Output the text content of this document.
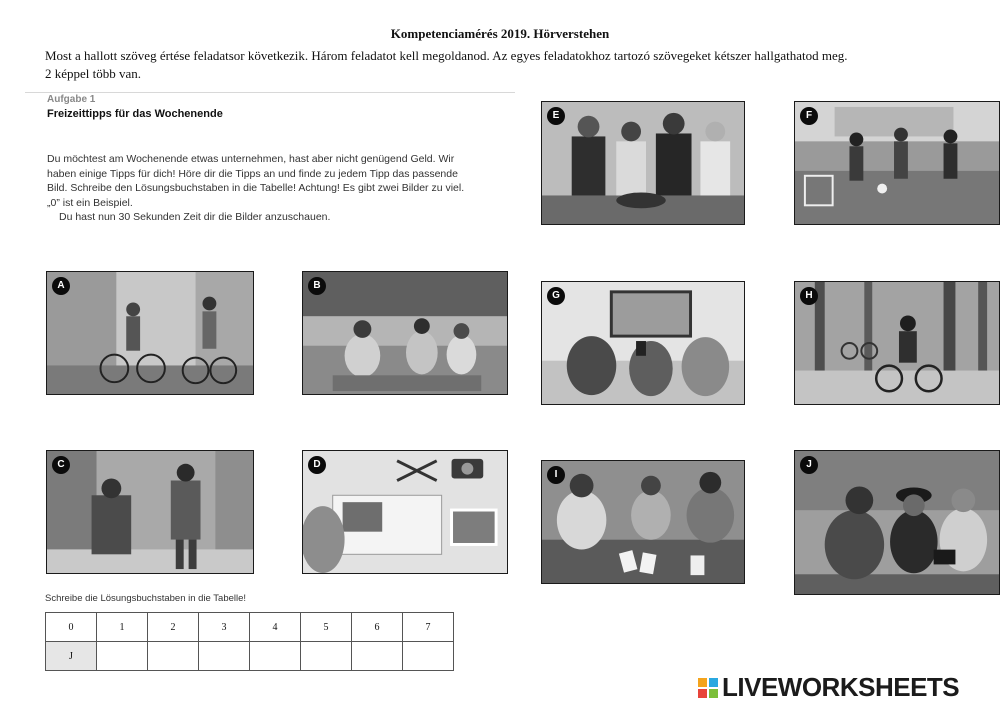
Kompetenciamérés 2019. Hörverstehen
Most a hallott szöveg értése feladatsor következik. Három feladatot kell megoldanod. Az egyes feladatokhoz tartozó szövegeket kétszer hallgathatod meg.
2 képpel több van.
Aufgabe 1
Freizeittipps für das Wochenende
Du möchtest am Wochenende etwas unternehmen, hast aber nicht genügend Geld. Wir
haben einige Tipps für dich! Höre dir die Tipps an und finde zu jedem Tipp das passende
Bild. Schreibe den Lösungsbuchstaben in die Tabelle! Achtung! Es gibt zwei Bilder zu viel.
„0” ist ein Beispiel.
Du hast nun 30 Sekunden Zeit dir die Bilder anzuschauen.
A	B
C	D
E	F
G	H
I
J
Schreibe die Lösungsbuchstaben in die Tabelle!
0	1	2	3	4	5	6	7
J							
LIVEWORKSHEETS
